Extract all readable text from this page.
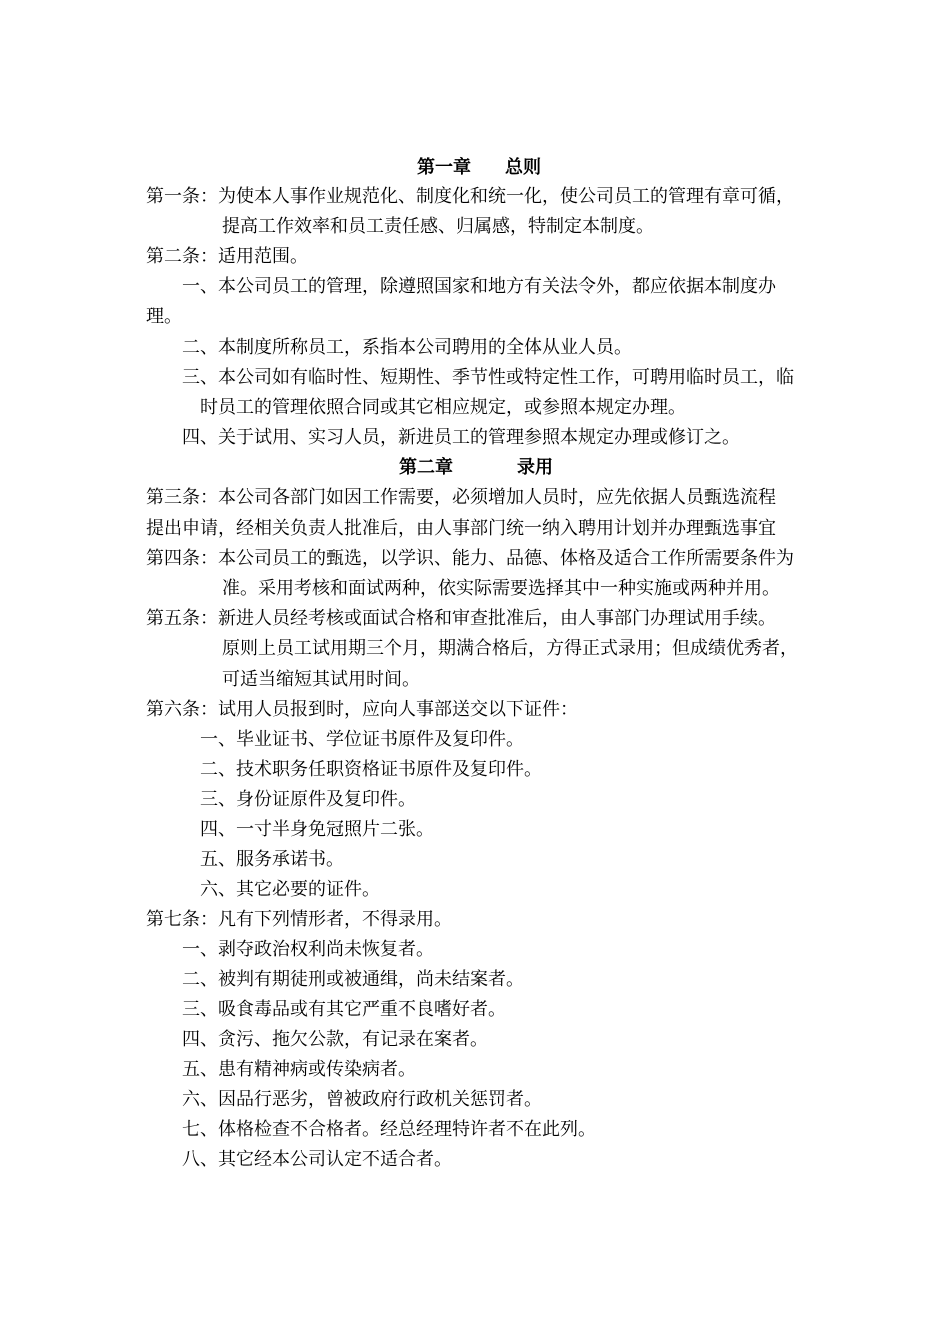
第一章 总则
第一条：为使本人事作业规范化、制度化和统一化，使公司员工的管理有章可循，
提高工作效率和员工责任感、归属感，特制定本制度。
第二条：适用范围。
一、本公司员工的管理，除遵照国家和地方有关法令外，都应依据本制度办
理。
二、本制度所称员工，系指本公司聘用的全体从业人员。
三、本公司如有临时性、短期性、季节性或特定性工作，可聘用临时员工，临
时员工的管理依照合同或其它相应规定，或参照本规定办理。
四、关于试用、实习人员，新进员工的管理参照本规定办理或修订之。
第二章	录用
第三条：本公司各部门如因工作需要，必须增加人员时，应先依据人员甄选流程
提出申请，经相关负责人批准后，由人事部门统一纳入聘用计划并办理甄选事宜
第四条：本公司员工的甄选，以学识、能力、品德、体格及适合工作所需要条件为
准。采用考核和面试两种，依实际需要选择其中一种实施或两种并用。
第五条：新进人员经考核或面试合格和审查批准后，由人事部门办理试用手续。
原则上员工试用期三个月，期满合格后，方得正式录用；但成绩优秀者，
可适当缩短其试用时间。
第六条：试用人员报到时，应向人事部送交以下证件：
一、毕业证书、学位证书原件及复印件。
二、技术职务任职资格证书原件及复印件。
三、身份证原件及复印件。
四、一寸半身免冠照片二张。
五、服务承诺书。
六、其它必要的证件。
第七条：凡有下列情形者，不得录用。
一、剥夺政治权利尚未恢复者。
二、被判有期徒刑或被通缉，尚未结案者。
三、吸食毒品或有其它严重不良嗜好者。
四、贪污、拖欠公款，有记录在案者。
五、患有精神病或传染病者。
六、因品行恶劣，曾被政府行政机关惩罚者。
七、体格检查不合格者。经总经理特许者不在此列。
八、其它经本公司认定不适合者。
